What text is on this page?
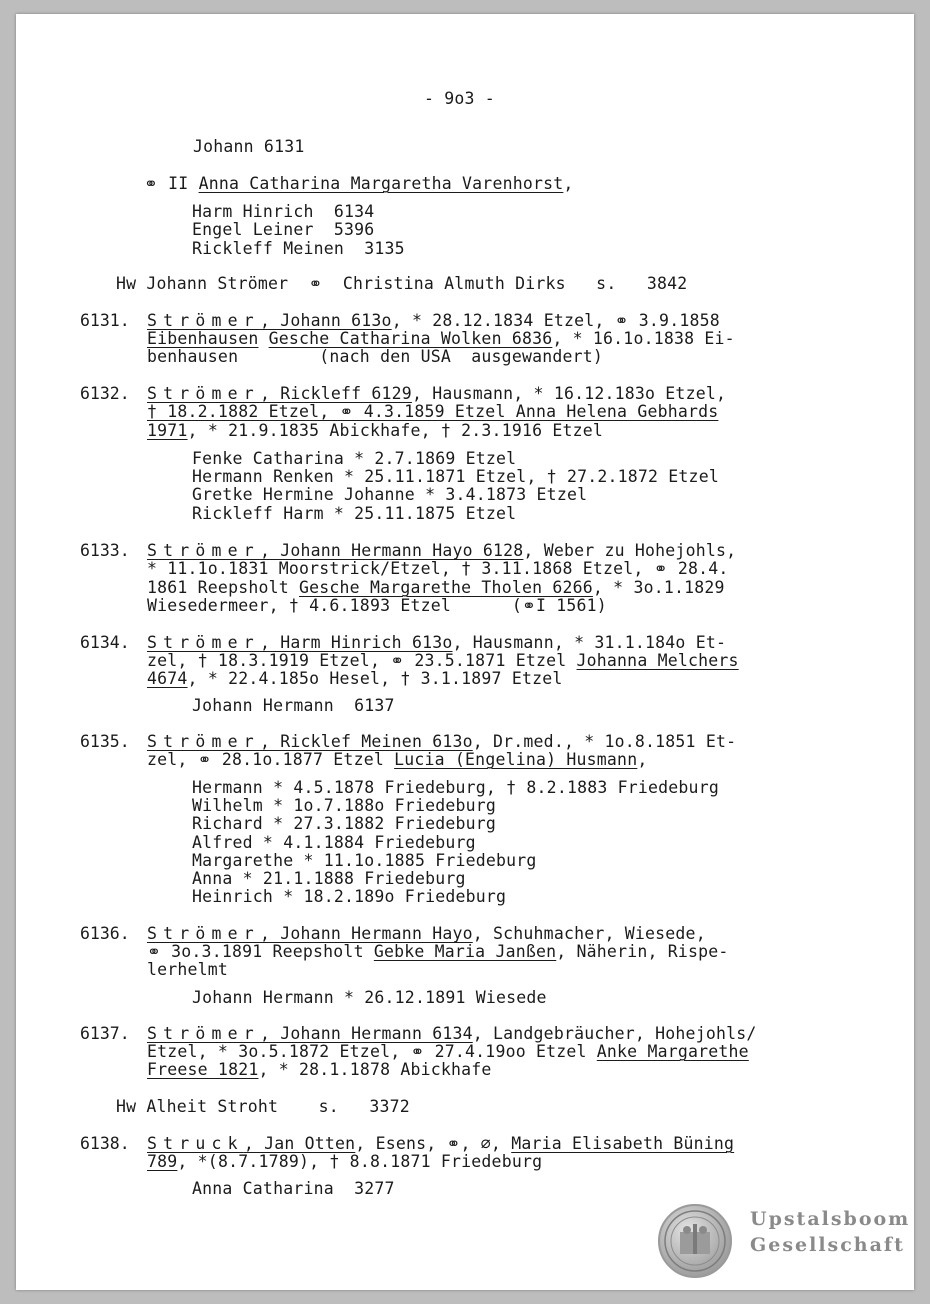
- 9o3 -
Johann 6131
⚭ II Anna Catharina Margaretha Varenhorst,
Harm Hinrich  6134
Engel Leiner  5396
Rickleff Meinen  3135
Hw Johann Strömer  ⚭  Christina Almuth Dirks   s.   3842
6131. Strömer, Johann 613o, * 28.12.1834 Etzel, ⚭ 3.9.1858
Eibenhausen Gesche Catharina Wolken 6836, * 16.1o.1838 Ei-
benhausen        (nach den USA  ausgewandert)
6132. Strömer, Rickleff 6129, Hausmann, * 16.12.183o Etzel,
† 18.2.1882 Etzel, ⚭ 4.3.1859 Etzel Anna Helena Gebhards
1971, * 21.9.1835 Abickhafe, † 2.3.1916 Etzel
Fenke Catharina * 2.7.1869 Etzel
Hermann Renken * 25.11.1871 Etzel, † 27.2.1872 Etzel
Gretke Hermine Johanne * 3.4.1873 Etzel
Rickleff Harm * 25.11.1875 Etzel
6133. Strömer, Johann Hermann Hayo 6128, Weber zu Hohejohls,
* 11.1o.1831 Moorstrick/Etzel, † 3.11.1868 Etzel, ⚭ 28.4.
1861 Reepsholt Gesche Margarethe Tholen 6266, * 3o.1.1829
Wiesedermeer, † 4.6.1893 Etzel      (⚭I 1561)
6134. Strömer, Harm Hinrich 613o, Hausmann, * 31.1.184o Et-
zel, † 18.3.1919 Etzel, ⚭ 23.5.1871 Etzel Johanna Melchers
4674, * 22.4.185o Hesel, † 3.1.1897 Etzel
Johann Hermann  6137
6135. Strömer, Ricklef Meinen 613o, Dr.med., * 1o.8.1851 Et-
zel, ⚭ 28.1o.1877 Etzel Lucia (Engelina) Husmann,
Hermann * 4.5.1878 Friedeburg, † 8.2.1883 Friedeburg
Wilhelm * 1o.7.188o Friedeburg
Richard * 27.3.1882 Friedeburg
Alfred * 4.1.1884 Friedeburg
Margarethe * 11.1o.1885 Friedeburg
Anna * 21.1.1888 Friedeburg
Heinrich * 18.2.189o Friedeburg
6136. Strömer, Johann Hermann Hayo, Schuhmacher, Wiesede,
⚭ 3o.3.1891 Reepsholt Gebke Maria Janßen, Näherin, Rispe-
lerhelmt
Johann Hermann * 26.12.1891 Wiesede
6137. Strömer, Johann Hermann 6134, Landgebräucher, Hohejohls/
Etzel, * 3o.5.1872 Etzel, ⚭ 27.4.19oo Etzel Anke Margarethe
Freese 1821, * 28.1.1878 Abickhafe
Hw Alheit Stroht    s.   3372
6138. Struck, Jan Otten, Esens, ⚭, ⌀, Maria Elisabeth Büning
789, *(8.7.1789), † 8.8.1871 Friedeburg
Anna Catharina  3277
Upstalsboom
Gesellschaft
